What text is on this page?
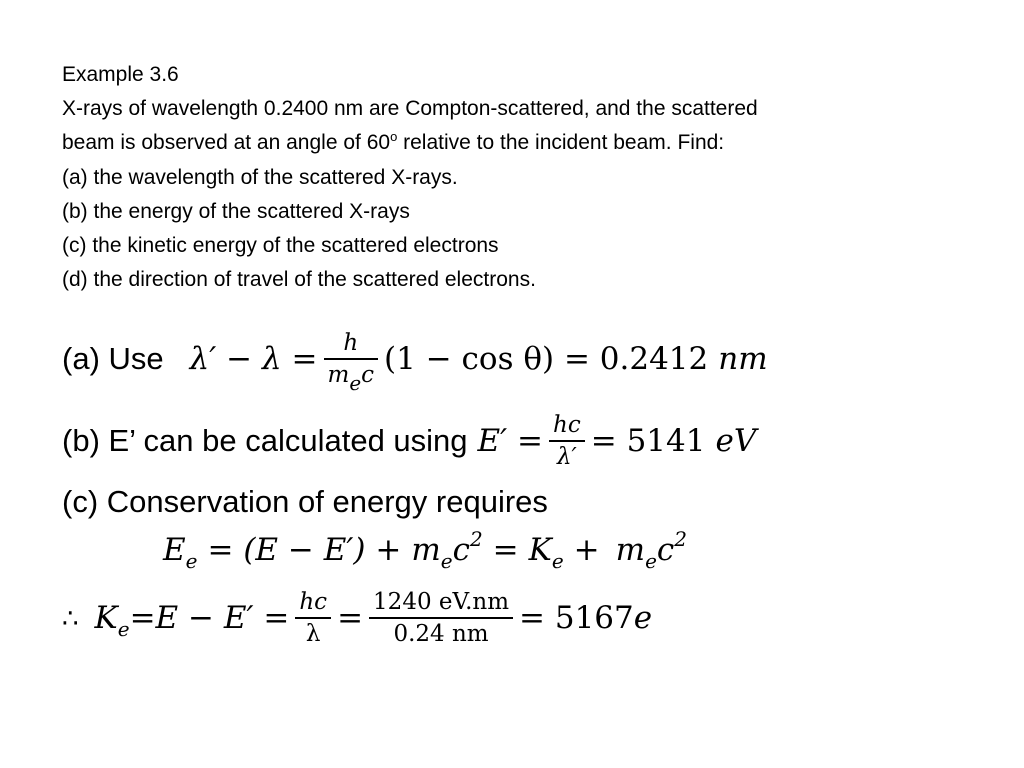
Example 3.6
X-rays of wavelength 0.2400 nm are Compton-scattered, and the scattered
beam is observed at an angle of 60$^o$ relative to the incident beam. Find:
(a) the wavelength of the scattered X-rays.
(b) the energy of the scattered X-rays
(c) the kinetic energy of the scattered electrons
(d) the direction of travel of the scattered electrons.
(a) Use $\lambda' - \lambda = \frac{h}{\text{mec}} (1 - \cos \theta) = 0.2412$ nm
(b) E’ can be calculated using $E' = \frac{hc}{\lambda'} = 5141$ eV
(c) Conservation of energy requires
$E_e = (E - E') + m_ec^2 = K_e + m_ec^2$
∴ $K_e =E - E' = \frac{hc}{\lambda} = \frac{1240 eV.nm}{0.24 nm} = 5167$ e
